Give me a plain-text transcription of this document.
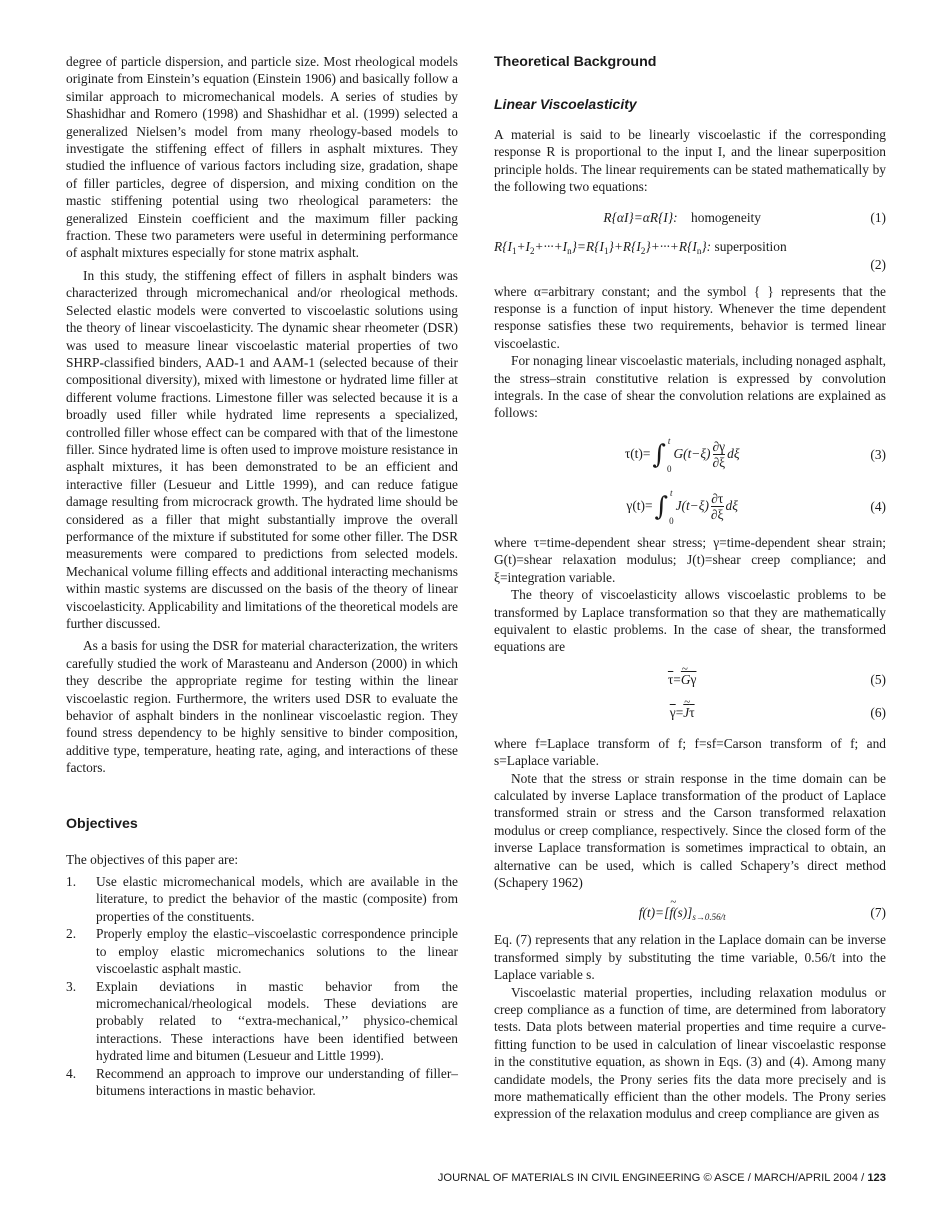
degree of particle dispersion, and particle size. Most rheological models originate from Einstein’s equation (Einstein 1906) and basically follow a similar approach to micromechanical models. A series of studies by Shashidhar and Romero (1998) and Shashidhar et al. (1999) selected a generalized Nielsen’s model from many rheology-based models to investigate the stiffening effect of fillers in asphalt mixtures. They studied the influence of various factors including size, gradation, shape of filler particles, degree of dispersion, and mixing condition on the mastic stiffening potential using two rheological parameters: the generalized Einstein coefficient and the maximum filler packing fraction. These two parameters were useful in determining performance of asphalt mixtures especially for stone matrix asphalt.

In this study, the stiffening effect of fillers in asphalt binders was characterized through micromechanical and/or rheological methods. Selected elastic models were converted to viscoelastic solutions using the theory of linear viscoelasticity. The dynamic shear rheometer (DSR) was used to measure linear viscoelastic material properties of two SHRP-classified binders, AAD-1 and AAM-1 (selected because of their compositional diversity), mixed with limestone or hydrated lime filler at different volume fractions. Limestone filler was selected because it is a broadly used filler while hydrated lime represents a specialized, controlled filler whose effect can be compared with that of the limestone filler. Since hydrated lime is often used to improve moisture resistance in asphalt mixtures, it has been demonstrated to be an efficient and interactive filler (Lesueur and Little 1999), and can reduce fatigue damage resulting from microcrack growth. The hydrated lime should be considered as a filler that might substantially improve the overall performance of the mixture if substituted for some other filler. The DSR measurements were compared to predictions from selected models. Mechanical volume filling effects and additional interacting mechanisms within mastic systems are discussed on the basis of the theory of linear viscoelasticity. Applicability and limitations of the theoretical models are further discussed.

As a basis for using the DSR for material characterization, the writers carefully studied the work of Marasteanu and Anderson (2000) in which they describe the appropriate regime for testing within the linear viscoelastic region. Furthermore, the writers used DSR to evaluate the behavior of asphalt binders in the nonlinear viscoelastic region. They found stress dependency to be highly sensitive to binder composition, additive type, temperature, heating rate, aging, and interactions of these factors.

Objectives

The objectives of this paper are:

1. Use elastic micromechanical models, which are available in the literature, to predict the behavior of the mastic (composite) from properties of the constituents.
2. Properly employ the elastic–viscoelastic correspondence principle to employ elastic micromechanics solutions to the linear viscoelastic asphalt mastic.
3. Explain deviations in mastic behavior from the micromechanical/rheological models. These deviations are probably related to ‘‘extra-mechanical,’’ physico-chemical interactions. These interactions have been identified between hydrated lime and bitumen (Lesueur and Little 1999).
4. Recommend an approach to improve our understanding of filler–bitumens interactions in mastic behavior.
Theoretical Background
Linear Viscoelasticity

A material is said to be linearly viscoelastic if the corresponding response R is proportional to the input I, and the linear superposition principle holds. The linear requirements can be stated mathematically by the following two equations:

R{αI}=αR{I}: homogeneity	(1)
$R\{I_1+I_2+\cdot\cdot\cdot+I_n\}=R\{I_1\}+R\{I_2\}+\cdot\cdot\cdot+R\{I_n\}$: superposition
(2)

where α=arbitrary constant; and the symbol { } represents that the response is a function of input history. Whenever the time dependent response satisfies these two requirements, behavior is termed linear viscoelastic.

For nonaging linear viscoelastic materials, including nonaged asphalt, the stress–strain constitutive relation is expressed by convolution integrals. In the case of shear the convolution relations are explained as follows:

τ(t)= ∫ t
0
$G(t-\xi) \frac{\partial\gamma}{\partial\xi}$ dξ	(3)
γ(t)= ∫ t
0
$J(t-\xi) \frac{\partial\tau}{\partial\xi}$ dξ	(4)

where τ=time-dependent shear stress; γ=time-dependent shear strain; G(t)=shear relaxation modulus; J(t)=shear creep compliance; and ξ=integration variable.

The theory of viscoelasticity allows viscoelastic problems to be transformed by Laplace transformation so that they are mathematically equivalent to elastic problems. In the case of shear, the transformed equations are

$\overline{\tau}=\sim$ $\overline{G}\overline{\gamma}$	(5)
$\overline{\gamma}=\sim$ $\overline{J}\overline{\tau}$	(6)

where f=Laplace transform of f; f=sf=Carson transform of f; and s=Laplace variable.

Note that the stress or strain response in the time domain can be calculated by inverse Laplace transformation of the product of Laplace transformed strain or stress and the Carson transformed relaxation modulus or creep compliance, respectively. Since the closed form of the inverse Laplace transformation is sometimes impractical to obtain, an alternative can be used, which is called Schapery’s direct method (Schapery 1962)

f(t)=[~ $f(s)]_{s\to 0.56/t}$	(7)

Eq. (7) represents that any relation in the Laplace domain can be inverse transformed simply by substituting the time variable, 0.56/t into the Laplace variable s.

Viscoelastic material properties, including relaxation modulus or creep compliance as a function of time, are determined from laboratory tests. Data plots between material properties and time require a curve-fitting function to be used in calculation of linear viscoelastic response in the constitutive equation, as shown in Eqs. (3) and (4). Among many candidate models, the Prony series fits the data more precisely and is more mathematically efficient than the other models. The Prony series expression of the relaxation modulus and creep compliance are given as

JOURNAL OF MATERIALS IN CIVIL ENGINEERING © ASCE / MARCH/APRIL 2004 / 123
